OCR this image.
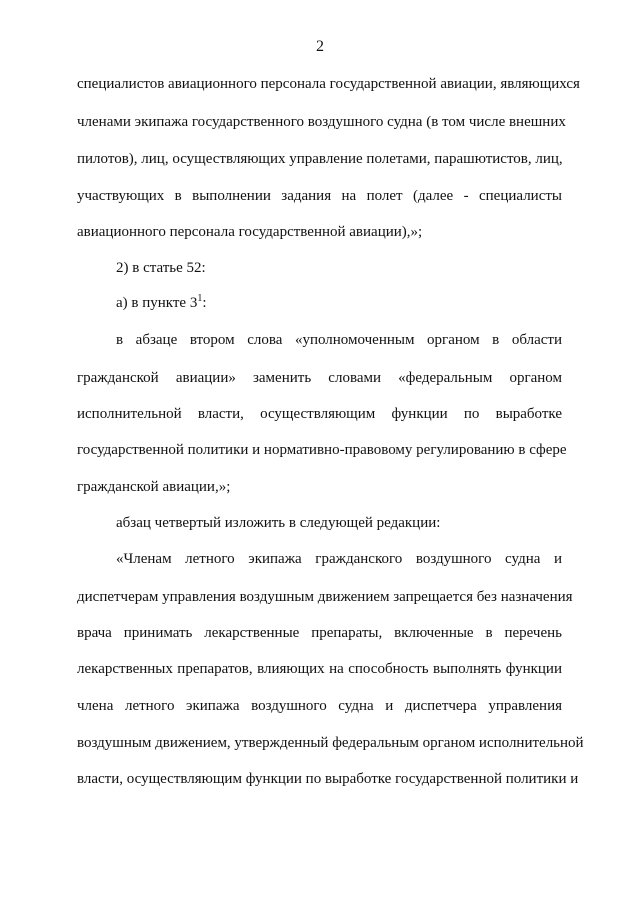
2
специалистов авиационного персонала государственной авиации, являющихся
членами экипажа государственного воздушного судна (в том числе внешних
пилотов), лиц, осуществляющих управление полетами, парашютистов, лиц,
участвующих в выполнении задания на полет (далее - специалисты
авиационного персонала государственной авиации),»;
2) в статье 52:
а) в пункте $3^1$:
в абзаце втором слова «уполномоченным органом в области
гражданской авиации» заменить словами «федеральным органом
исполнительной власти, осуществляющим функции по выработке
государственной политики и нормативно-правовому регулированию в сфере
гражданской авиации,»;
абзац четвертый изложить в следующей редакции:
«Членам летного экипажа гражданского воздушного судна и
диспетчерам управления воздушным движением запрещается без назначения
врача принимать лекарственные препараты, включенные в перечень
лекарственных препаратов, влияющих на способность выполнять функции
члена летного экипажа воздушного судна и диспетчера управления
воздушным движением, утвержденный федеральным органом исполнительной
власти, осуществляющим функции по выработке государственной политики и
